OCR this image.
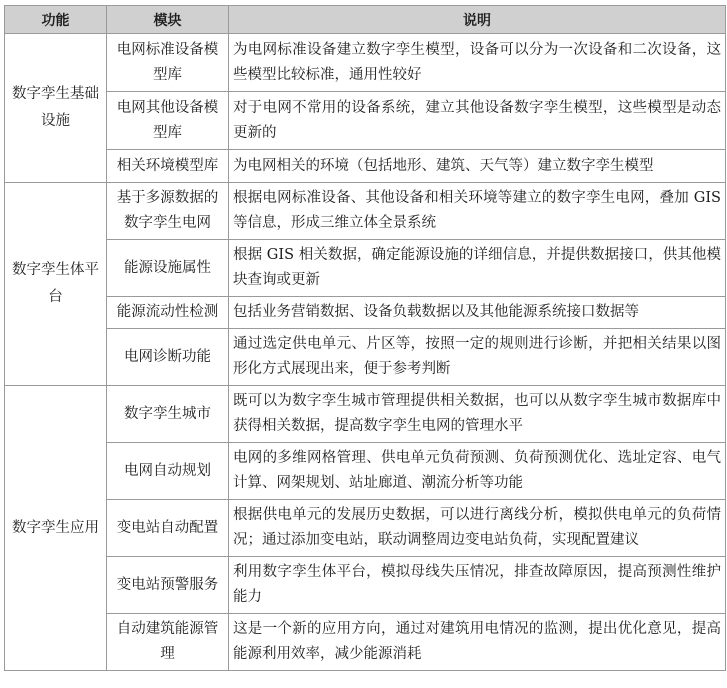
功能	模块	说明
数字孪生基础设施	电网标准设备模型库	为电网标准设备建立数字孪生模型，设备可以分为一次设备和二次设备，这些模型比较标准，通用性较好
	电网其他设备模型库	对于电网不常用的设备系统，建立其他设备数字孪生模型，这些模型是动态更新的
	相关环境模型库	为电网相关的环境（包括地形、建筑、天气等）建立数字孪生模型
数字孪生体平台	基于多源数据的数字孪生电网	根据电网标准设备、其他设备和相关环境等建立的数字孪生电网，叠加 GIS 等信息，形成三维立体全景系统
	能源设施属性	根据 GIS 相关数据，确定能源设施的详细信息，并提供数据接口，供其他模块查询或更新
	能源流动性检测	包括业务营销数据、设备负载数据以及其他能源系统接口数据等
	电网诊断功能	通过选定供电单元、片区等，按照一定的规则进行诊断，并把相关结果以图形化方式展现出来，便于参考判断
数字孪生应用	数字孪生城市	既可以为数字孪生城市管理提供相关数据，也可以从数字孪生城市数据库中获得相关数据，提高数字孪生电网的管理水平
	电网自动规划	电网的多维网格管理、供电单元负荷预测、负荷预测优化、选址定容、电气计算、网架规划、站址廊道、潮流分析等功能
	变电站自动配置	根据供电单元的发展历史数据，可以进行离线分析，模拟供电单元的负荷情况；通过添加变电站，联动调整周边变电站负荷，实现配置建议
	变电站预警服务	利用数字孪生体平台，模拟母线失压情况，排查故障原因，提高预测性维护能力
	自动建筑能源管理	这是一个新的应用方向，通过对建筑用电情况的监测，提出优化意见，提高能源利用效率，减少能源消耗
